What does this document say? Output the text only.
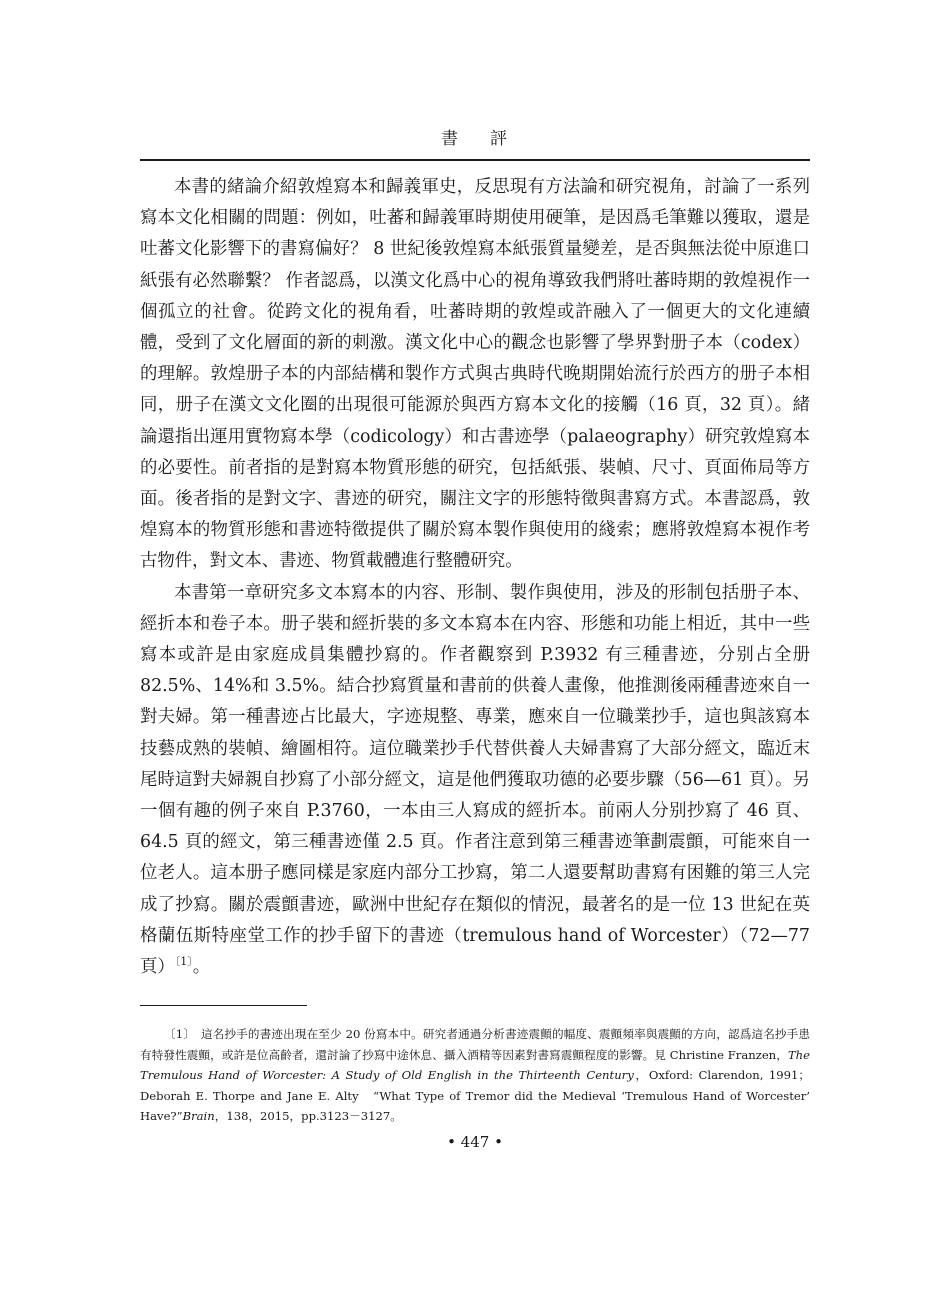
書 評

本書的緒論介紹敦煌寫本和歸義軍史，反思現有方法論和研究視角，討論了一系列寫本文化相關的問題：例如，吐蕃和歸義軍時期使用硬筆，是因爲毛筆難以獲取，還是吐蕃文化影響下的書寫偏好？ 8 世紀後敦煌寫本紙張質量變差，是否與無法從中原進口紙張有必然聯繫？ 作者認爲，以漢文化爲中心的視角導致我們將吐蕃時期的敦煌視作一個孤立的社會。從跨文化的視角看，吐蕃時期的敦煌或許融入了一個更大的文化連續體，受到了文化層面的新的刺激。漢文化中心的觀念也影響了學界對册子本（codex）的理解。敦煌册子本的内部結構和製作方式與古典時代晚期開始流行於西方的册子本相同，册子在漢文文化圈的出現很可能源於與西方寫本文化的接觸（16 頁，32 頁）。緒論還指出運用實物寫本學（codicology）和古書迹學（palaeography）研究敦煌寫本的必要性。前者指的是對寫本物質形態的研究，包括紙張、裝幀、尺寸、頁面佈局等方面。後者指的是對文字、書迹的研究，關注文字的形態特徵與書寫方式。本書認爲，敦煌寫本的物質形態和書迹特徵提供了關於寫本製作與使用的綫索；應將敦煌寫本視作考古物件，對文本、書迹、物質載體進行整體研究。

本書第一章研究多文本寫本的内容、形制、製作與使用，涉及的形制包括册子本、經折本和卷子本。册子裝和經折裝的多文本寫本在内容、形態和功能上相近，其中一些寫本或許是由家庭成員集體抄寫的。作者觀察到 P.3932 有三種書迹，分别占全册 82.5%、14%和 3.5%。結合抄寫質量和書前的供養人畫像，他推測後兩種書迹來自一對夫婦。第一種書迹占比最大，字迹規整、專業，應來自一位職業抄手，這也與該寫本技藝成熟的裝幀、繪圖相符。這位職業抄手代替供養人夫婦書寫了大部分經文，臨近末尾時這對夫婦親自抄寫了小部分經文，這是他們獲取功德的必要步驟（56—61 頁）。另一個有趣的例子來自 P.3760，一本由三人寫成的經折本。前兩人分别抄寫了 46 頁、64.5 頁的經文，第三種書迹僅 2.5 頁。作者注意到第三種書迹筆劃震顫，可能來自一位老人。這本册子應同樣是家庭内部分工抄寫，第二人還要幫助書寫有困難的第三人完成了抄寫。關於震顫書迹，歐洲中世紀存在類似的情況，最著名的是一位 13 世紀在英格蘭伍斯特座堂工作的抄手留下的書迹（tremulous hand of Worcester）（72—77 頁）$^{〔1〕}$。

〔1〕　 這名抄手的書迹出現在至少 20 份寫本中。研究者通過分析書迹震顫的幅度、震顫頻率與震顫的方向，認爲這名抄手患有特發性震顫，或許是位高齡者，還討論了抄寫中途休息、攝入酒精等因素對書寫震顫程度的影響。見 Christine Franzen，The Tremulous Hand of Worcester: A Study of Old English in the Thirteenth Century，Oxford: Clarendon, 1991；Deborah E. Thorpe and Jane E. Alty　“What Type of Tremor did the Medieval ‘Tremulous Hand of Worcester’ Have?”Brain，138，2015，pp.3123－3127。
• 447 •
